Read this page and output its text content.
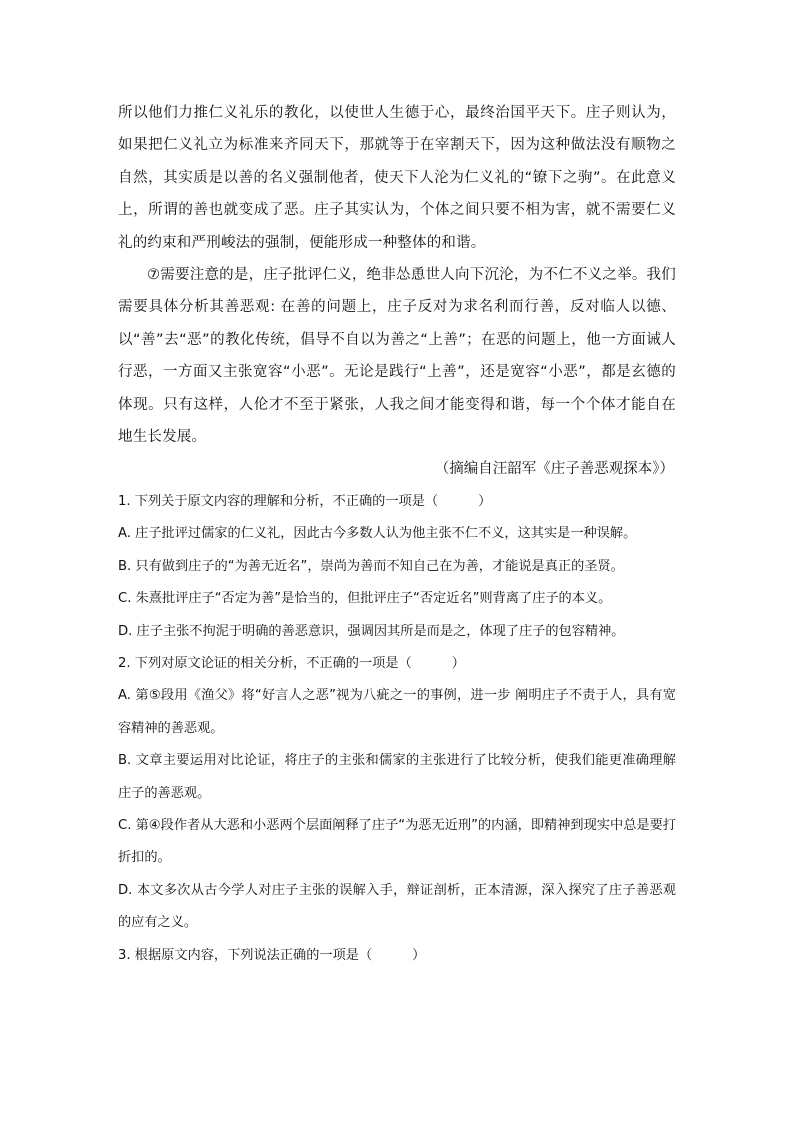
所以他们力推仁义礼乐的教化，以使世人生德于心，最终治国平天下。庄子则认为，如果把仁义礼立为标准来齐同天下，那就等于在宰割天下，因为这种做法没有顺物之自然，其实质是以善的名义强制他者，使天下人沦为仁义礼的“镣下之驹”。在此意义上，所谓的善也就变成了恶。庄子其实认为，个体之间只要不相为害，就不需要仁义礼的约束和严刑峻法的强制，便能形成一种整体的和谐。

⑦需要注意的是，庄子批评仁义，绝非怂恿世人向下沉沦，为不仁不义之举。我们需要具体分析其善恶观: 在善的问题上，庄子反对为求名利而行善，反对临人以德、以“善”去“恶”的教化传统，倡导不自以为善之“上善”；在恶的问题上，他一方面诫人行恶，一方面又主张宽容“小恶”。无论是践行“上善”，还是宽容“小恶”，都是玄德的体现。只有这样，人伦才不至于紧张，人我之间才能变得和谐，每一个个体才能自在地生长发展。

（摘编自汪韶军《庄子善恶观探本》）

1. 下列关于原文内容的理解和分析，不正确的一项是（	）

A. 庄子批评过儒家的仁义礼，因此古今多数人认为他主张不仁不义，这其实是一种误解。

B. 只有做到庄子的“为善无近名”，崇尚为善而不知自己在为善，才能说是真正的圣贤。

C. 朱熹批评庄子“否定为善”是恰当的，但批评庄子“否定近名”则背离了庄子的本义。

D. 庄子主张不拘泥于明确的善恶意识，强调因其所是而是之，体现了庄子的包容精神。

2. 下列对原文论证的相关分析，不正确的一项是（	）

A. 第⑤段用《渔父》将“好言人之恶”视为八疵之一的事例，进一步 阐明庄子不责于人，具有宽容精神的善恶观。

B. 文章主要运用对比论证，将庄子的主张和儒家的主张进行了比较分析，使我们能更准确理解庄子的善恶观。

C. 第④段作者从大恶和小恶两个层面阐释了庄子“为恶无近刑”的内涵，即精神到现实中总是要打折扣的。

D. 本文多次从古今学人对庄子主张的误解入手，辩证剖析，正本清源，深入探究了庄子善恶观的应有之义。

3. 根据原文内容，下列说法正确的一项是（	）
